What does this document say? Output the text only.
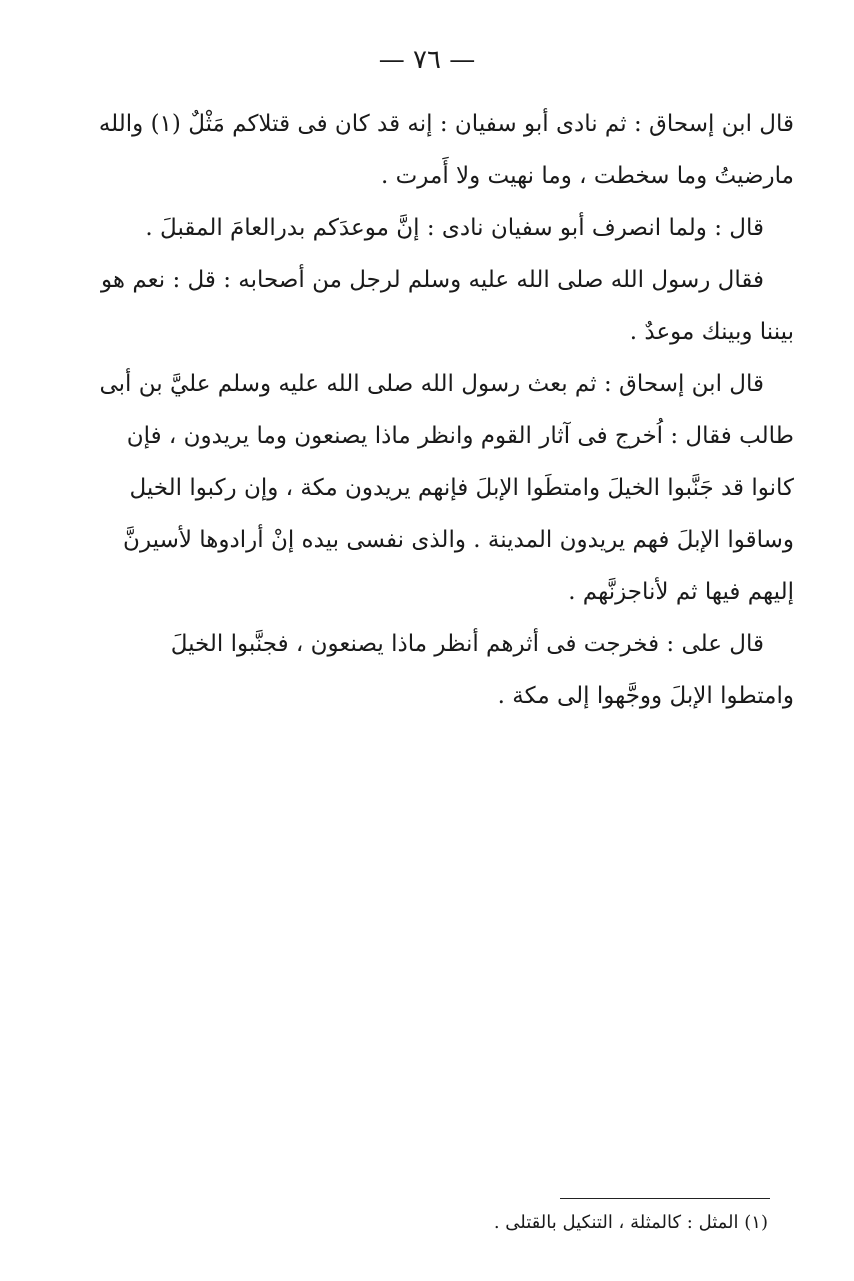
— ٧٦ —

قال ابن إسحاق : ثم نادى أبو سفيان : إنه قد كان فى قتلاكم مَثْلٌ (١) والله مارضيتُ وما سخطت ، وما نهيت ولا أَمرت .

قال : ولما انصرف أبو سفيان نادى : إنَّ موعدَكم بدرالعامَ المقبلَ .

فقال رسول الله صلى الله عليه وسلم لرجل من أصحابه : قل : نعم هو بيننا وبينك موعدٌ .

قال ابن إسحاق : ثم بعث رسول الله صلى الله عليه وسلم عليَّ بن أبى طالب فقال : اُخرج فى آثار القوم وانظر ماذا يصنعون وما يريدون ، فإن كانوا قد جَنَّبوا الخيلَ وامتطَوا الإبلَ فإنهم يريدون مكة ، وإن ركبوا الخيل وساقوا الإبلَ فهم يريدون المدينة . والذى نفسى بيده إنْ أرادوها لأسيرنَّ إليهم فيها ثم لأناجزنَّهم .

قال على : فخرجت فى أثرهم أنظر ماذا يصنعون ، فجنَّبوا الخيلَ وامتطوا الإبلَ ووجَّهوا إلى مكة .

(١) المثل : كالمثلة ، التنكيل بالقتلى .
